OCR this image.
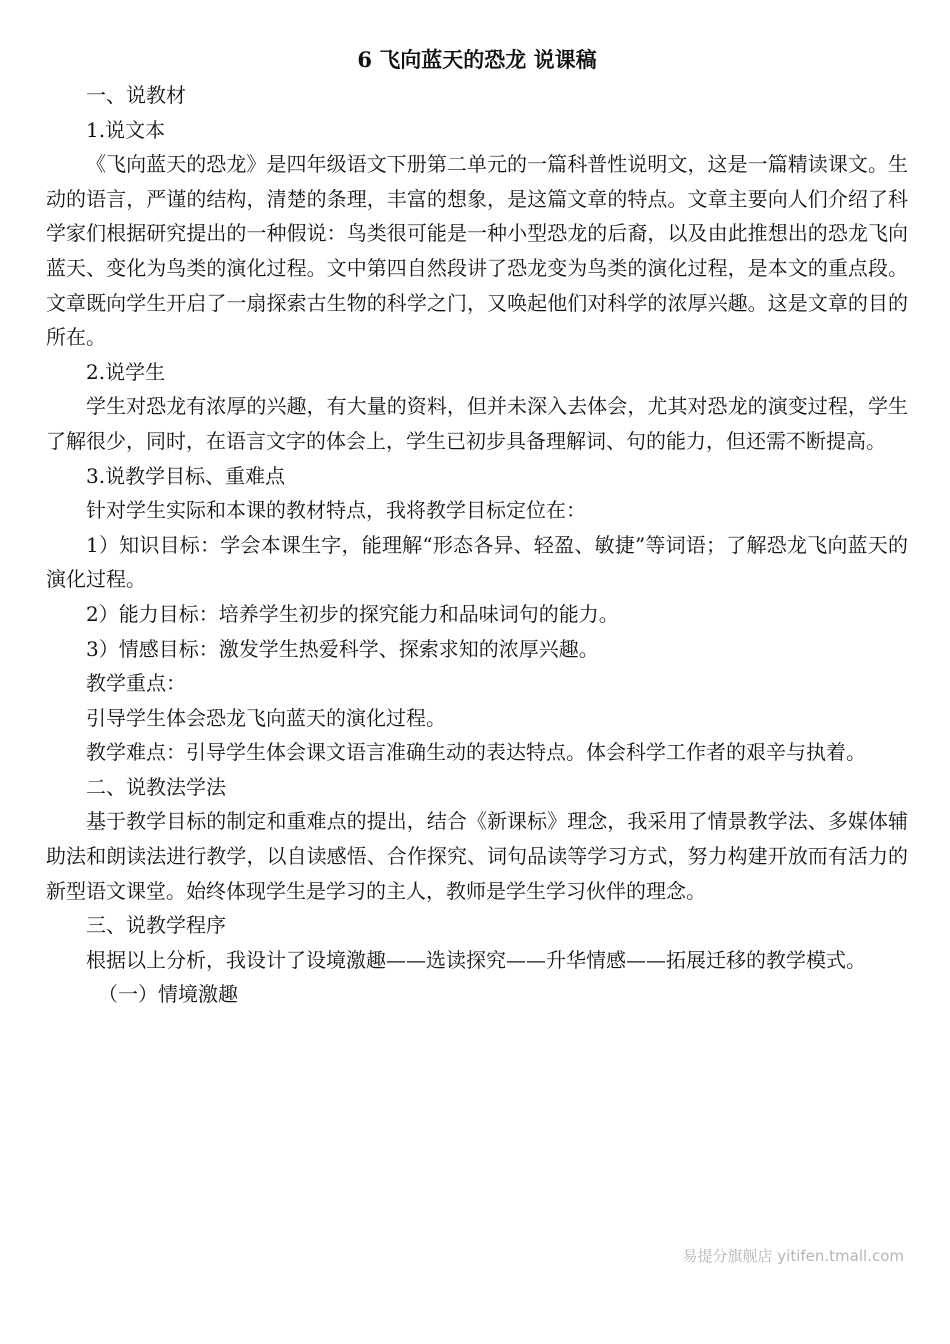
6 飞向蓝天的恐龙 说课稿

一、说教材

1.说文本

《飞向蓝天的恐龙》是四年级语文下册第二单元的一篇科普性说明文，这是一篇精读课文。生动的语言，严谨的结构，清楚的条理，丰富的想象，是这篇文章的特点。文章主要向人们介绍了科学家们根据研究提出的一种假说：鸟类很可能是一种小型恐龙的后裔，以及由此推想出的恐龙飞向蓝天、变化为鸟类的演化过程。文中第四自然段讲了恐龙变为鸟类的演化过程，是本文的重点段。文章既向学生开启了一扇探索古生物的科学之门，又唤起他们对科学的浓厚兴趣。这是文章的目的所在。

2.说学生

学生对恐龙有浓厚的兴趣，有大量的资料，但并未深入去体会，尤其对恐龙的演变过程，学生了解很少，同时，在语言文字的体会上，学生已初步具备理解词、句的能力，但还需不断提高。

3.说教学目标、重难点

针对学生实际和本课的教材特点，我将教学目标定位在：

1）知识目标：学会本课生字，能理解“形态各异、轻盈、敏捷”等词语；了解恐龙飞向蓝天的演化过程。

2）能力目标：培养学生初步的探究能力和品味词句的能力。

3）情感目标：激发学生热爱科学、探索求知的浓厚兴趣。

教学重点：

引导学生体会恐龙飞向蓝天的演化过程。

教学难点：引导学生体会课文语言准确生动的表达特点。体会科学工作者的艰辛与执着。

二、说教法学法

基于教学目标的制定和重难点的提出，结合《新课标》理念，我采用了情景教学法、多媒体辅助法和朗读法进行教学，以自读感悟、合作探究、词句品读等学习方式，努力构建开放而有活力的新型语文课堂。始终体现学生是学习的主人，教师是学生学习伙伴的理念。

三、说教学程序

根据以上分析，我设计了设境激趣——选读探究——升华情感——拓展迁移的教学模式。

（一）情境激趣

易提分旗舰店 yitifen.tmall.com
